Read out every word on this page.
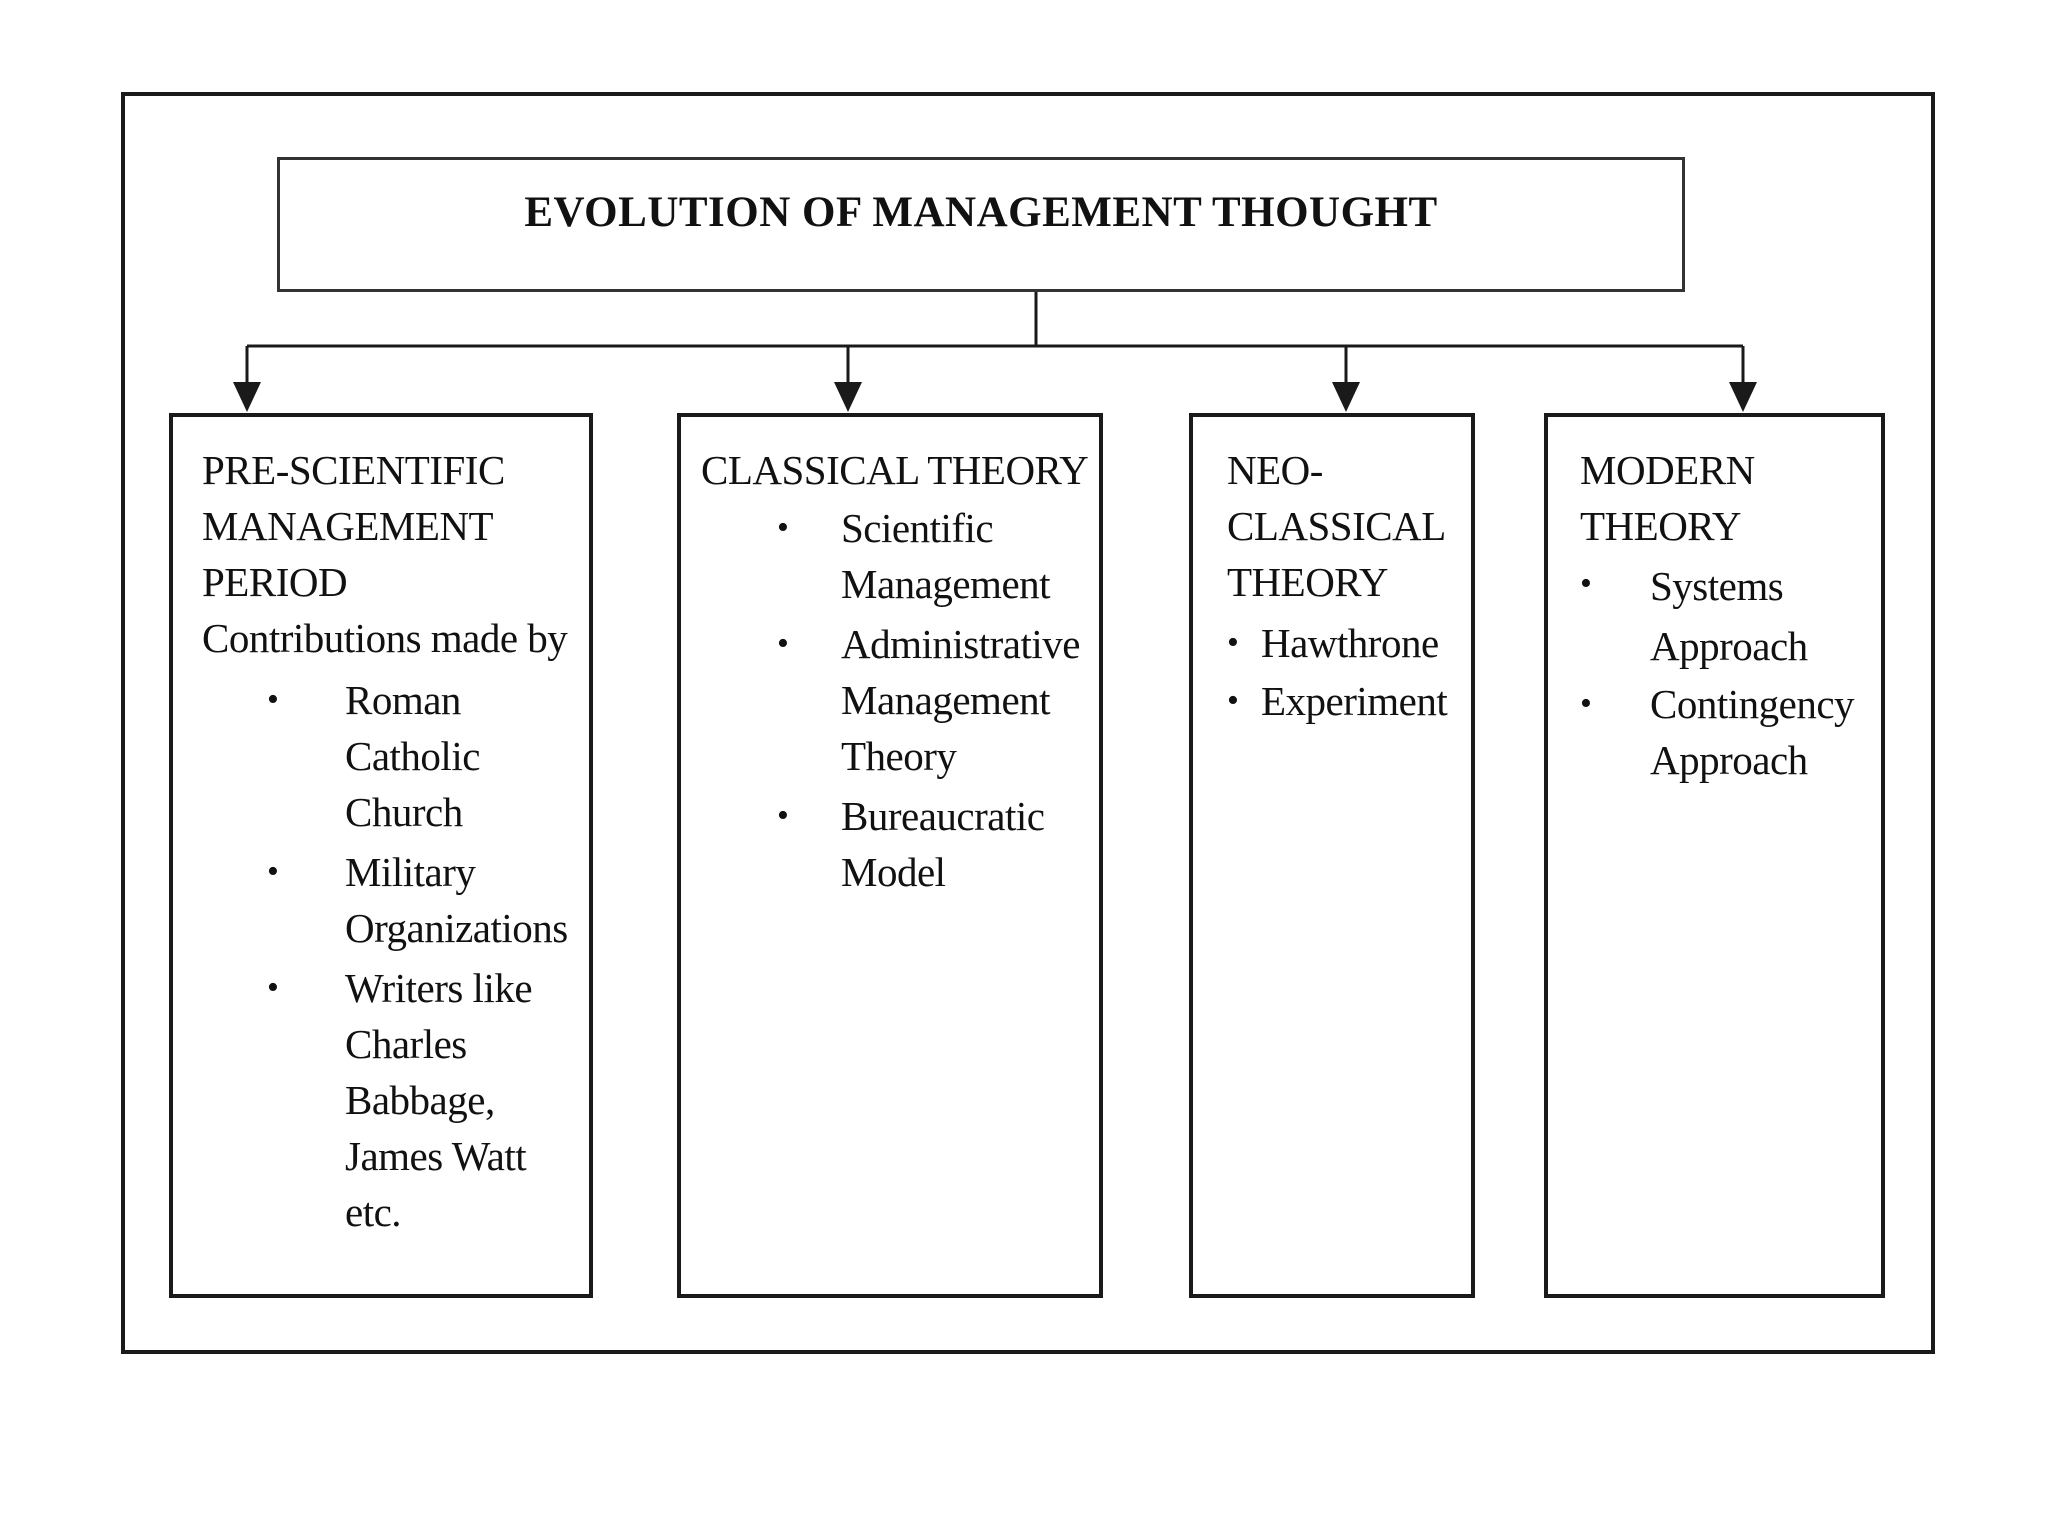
EVOLUTION OF MANAGEMENT THOUGHT
PRE-SCIENTIFIC
MANAGEMENT
PERIOD
Contributions made by
• Roman
Catholic
Church
• Military
Organizations
• Writers like
Charles
Babbage,
James Watt
etc.
CLASSICAL THEORY
• Scientific
Management
• Administrative
Management
Theory
• Bureaucratic
Model
NEO-
CLASSICAL
THEORY
• Hawthrone
• Experiment
MODERN
THEORY
• Systems
Approach
• Contingency
Approach
